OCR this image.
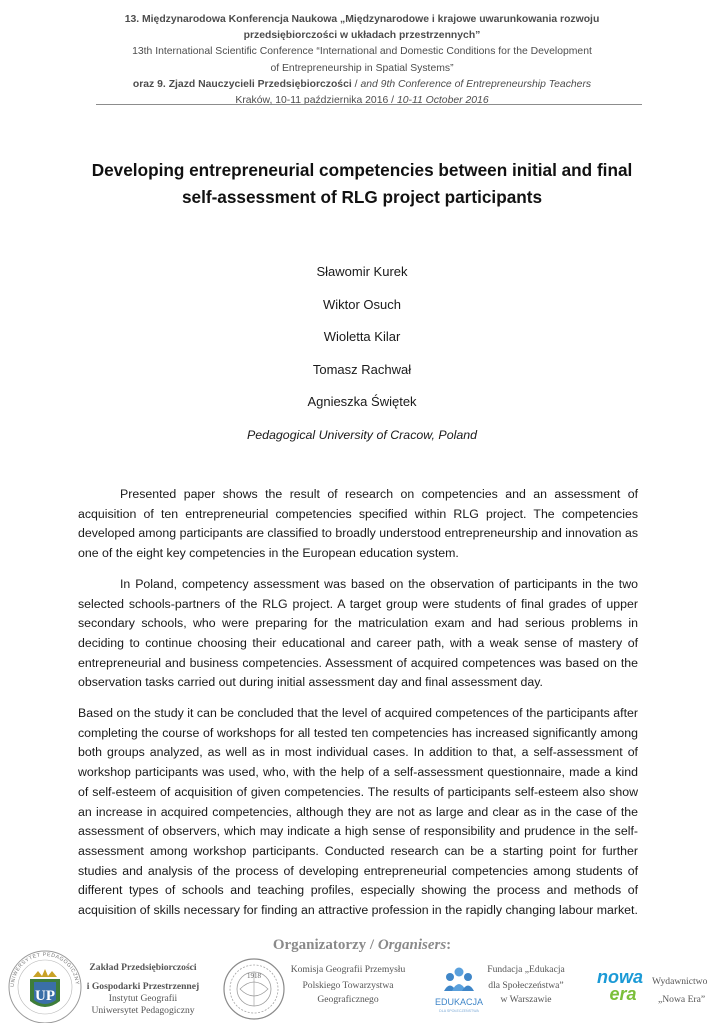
13. Międzynarodowa Konferencja Naukowa „Międzynarodowe i krajowe uwarunkowania rozwoju
przedsiębiorczości w układach przestrzennych”
13th International Scientific Conference “International and Domestic Conditions for the Development
of Entrepreneurship in Spatial Systems”
oraz 9. Zjazd Nauczycieli Przedsiębiorczości / and 9th Conference of Entrepreneurship Teachers
Kraków, 10-11 października 2016 / 10-11 October 2016
Developing entrepreneurial competencies between initial and final
self-assessment of RLG project participants
Sławomir Kurek
Wiktor Osuch
Wioletta Kilar
Tomasz Rachwał
Agnieszka Świętek
Pedagogical University of Cracow, Poland

Presented paper shows the result of research on competencies and an assessment of acquisition of ten entrepreneurial competencies specified within RLG project. The competencies developed among participants are classified to broadly understood entrepreneurship and innovation as one of the eight key competencies in the European education system.

In Poland, competency assessment was based on the observation of participants in the two selected schools-partners of the RLG project. A target group were students of final grades of upper secondary schools, who were preparing for the matriculation exam and had serious problems in deciding to continue choosing their educational and career path, with a weak sense of mastery of entrepreneurial and business competencies. Assessment of acquired competences was based on the observation tasks carried out during initial assessment day and final assessment day.

Based on the study it can be concluded that the level of acquired competences of the participants after completing the course of workshops for all tested ten competencies has increased significantly among both groups analyzed, as well as in most individual cases. In addition to that, a self-assessment of workshop participants was used, who, with the help of a self-assessment questionnaire, made a kind of self-esteem of acquisition of given competencies. The results of participants self-esteem also show an increase in acquired competencies, although they are not as large and clear as in the case of the assessment of observers, which may indicate a high sense of responsibility and prudence in the self-assessment among workshop participants. Conducted research can be a starting point for further studies and analysis of the process of developing entrepreneurial competencies among students of different types of schools and teaching profiles, especially showing the process and methods of acquisition of skills necessary for finding an attractive profession in the rapidly changing labour market.

Organizatorzy / Organisers:
UNIWERSYTET PEDAGOGICZNY
UP
Zakład Przedsiębiorczości
i Gospodarki Przestrzennej
Instytut Geografii
Uniwersytet Pedagogiczny
1918
Komisja Geografii Przemysłu
Polskiego Towarzystwa
Geograficznego	EDUKACJA
DLA SPOŁECZEŃSTWA
Fundacja „Edukacja
dla Społeczeństwa”
w Warszawie
nowa
era
Wydawnictwo
„Nowa Era”
